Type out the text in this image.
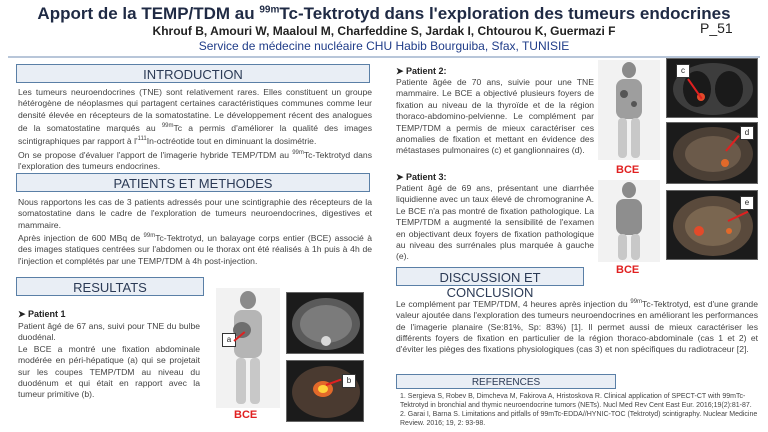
Apport de la TEMP/TDM au $^{99m}$Tc-Tektrotyd dans l'exploration des tumeurs endocrines
Khrouf B, Amouri W, Maaloul M, Charfeddine S, Jardak I, Chtourou K, Guermazi F
Service de médecine nucléaire CHU Habib Bourguiba, Sfax, TUNISIE
P_51
INTRODUCTION
Les tumeurs neuroendocrines (TNE) sont relativement rares. Elles constituent un groupe hétérogène de néoplasmes qui partagent certaines caractéristiques communes comme leur densité élevée en récepteurs de la somatostatine. Le développement récent des analogues de la somatostatine marqués au $^{99m}$Tc a permis d'améliorer la qualité des images scintigraphiques par rapport à $l'^{111}In$-octréotide tout en diminuant la dosimétrie.
On se propose d'évaluer l'apport de l'imagerie hybride TEMP/TDM au $^{99m}$Tc-Tektrotyd dans l'exploration des tumeurs endocrines.
PATIENTS ET METHODES
Nous rapportons les cas de 3 patients adressés pour une scintigraphie des récepteurs de la somatostatine dans le cadre de l'exploration de tumeurs neuroendocrines, digestives et mammaire.
Après injection de 600 MBq de $^{99m}$Tc-Tektrotyd, un balayage corps entier (BCE) associé à des images statiques centrées sur l'abdomen ou le thorax ont été réalisés à 1h puis à 4h de l'injection et complétés par une TEMP/TDM à 4h post-injection.
RESULTATS
➤ Patient 1
Patient âgé de 67 ans, suivi pour TNE du bulbe duodénal.
Le BCE a montré une fixation abdominale modérée en péri-hépatique (a) qui se projetait sur les coupes TEMP/TDM au niveau du duodénum et qui était en rapport avec la tumeur primitive (b).
a
BCE
b
➤ Patient 2:
Patiente âgée de 70 ans, suivie pour une TNE mammaire. Le BCE a objectivé plusieurs foyers de fixation au niveau de la thyroïde et de la région thoraco-abdomino-pelvienne. Le complément par TEMP/TDM a permis de mieux caractériser ces anomalies de fixation et mettant en évidence des métastases pulmonaires (c) et ganglionnaires (d).
BCE
c
d
➤ Patient 3:
Patient âgé de 69 ans, présentant une diarrhée liquidienne avec un taux élevé de chromogranine A. Le BCE n'a pas montré de fixation pathologique. La TEMP/TDM a augmenté la sensibilité de l'examen en objectivant deux foyers de fixation pathologique au niveau des surrénales plus marquée à gauche (e).
BCE
e
DISCUSSION ET CONCLUSION
Le complément par TEMP/TDM, 4 heures après injection du $^{99m}$Tc-Tektrotyd, est d'une grande valeur ajoutée dans l'exploration des tumeurs neuroendocrines en améliorant les performances de l'imagerie planaire (Se:81%, Sp: 83%) [1]. Il permet aussi de mieux caractériser les différents foyers de fixation en particulier de la région thoraco-abdominale (cas 1 et 2) et d'éviter les pièges des fixations physiologiques (cas 3) et non spécifiques du radiotraceur [2].
REFERENCES
1. Sergieva S, Robev B, Dimcheva M, Fakirova A, Hristoskova R. Clinical application of SPECT-CT with 99mTc-Tektrotyd in bronchial and thymic neuroendocrine tumors (NETs). Nucl Med Rev Cent East Eur. 2016;19(2):81-87.
2. Garai I, Barna S. Limitations and pitfalls of 99mTc-EDDA//HYNIC-TOC (Tektrotyd) scintigraphy. Nuclear Medicine Review. 2016; 19, 2: 93-98.
